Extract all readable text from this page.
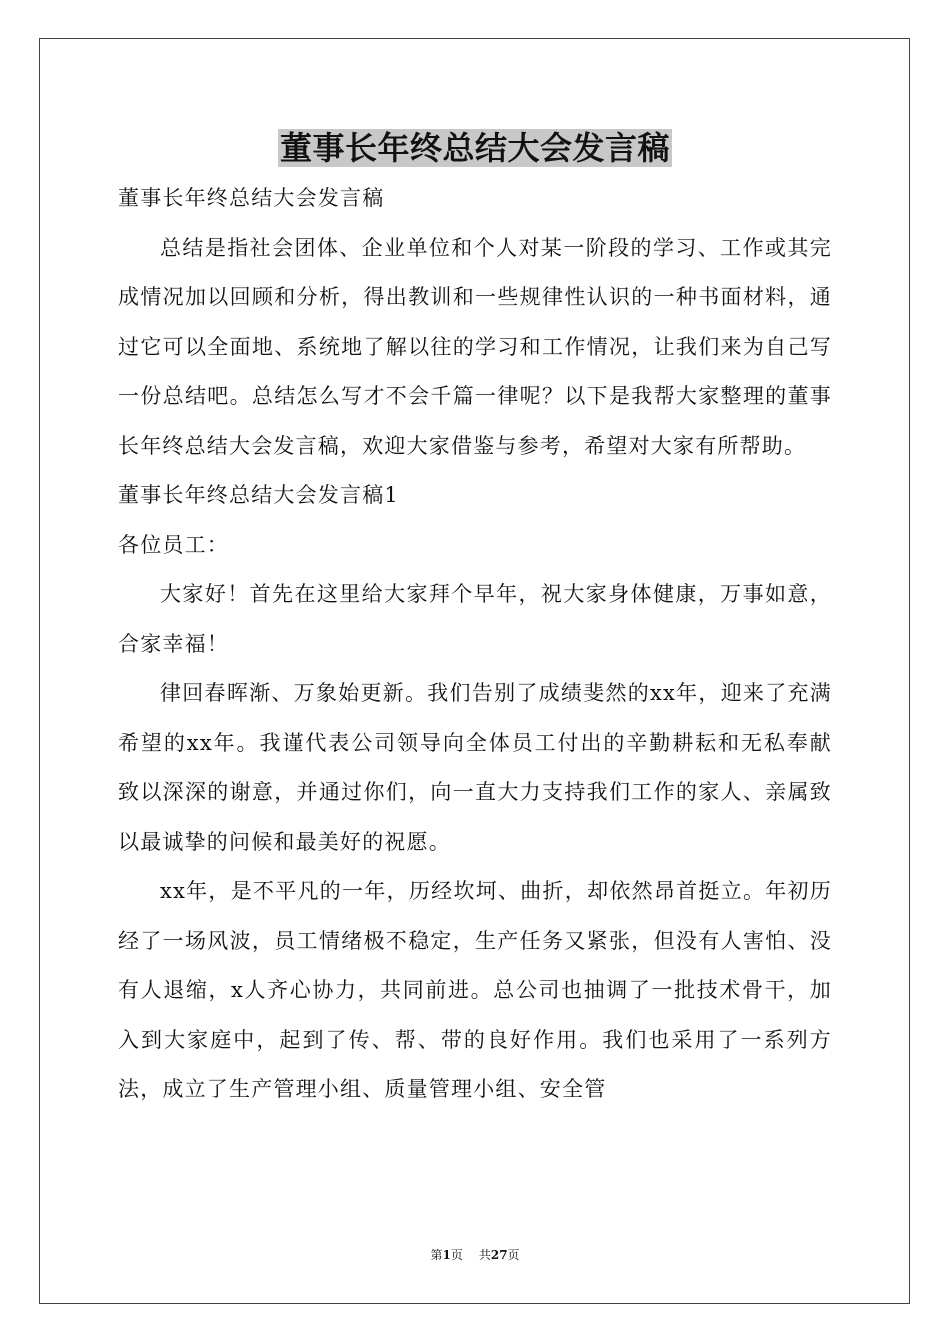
董事长年终总结大会发言稿

董事长年终总结大会发言稿

总结是指社会团体、企业单位和个人对某一阶段的学习、工作或其完成情况加以回顾和分析，得出教训和一些规律性认识的一种书面材料，通过它可以全面地、系统地了解以往的学习和工作情况，让我们来为自己写一份总结吧。总结怎么写才不会千篇一律呢？以下是我帮大家整理的董事长年终总结大会发言稿，欢迎大家借鉴与参考，希望对大家有所帮助。

董事长年终总结大会发言稿1

各位员工：

大家好！首先在这里给大家拜个早年，祝大家身体健康，万事如意，合家幸福！

律回春晖渐、万象始更新。我们告别了成绩斐然的xx年，迎来了充满希望的xx年。我谨代表公司领导向全体员工付出的辛勤耕耘和无私奉献致以深深的谢意，并通过你们，向一直大力支持我们工作的家人、亲属致以最诚挚的问候和最美好的祝愿。

xx年，是不平凡的一年，历经坎坷、曲折，却依然昂首挺立。年初历经了一场风波，员工情绪极不稳定，生产任务又紧张，但没有人害怕、没有人退缩，x人齐心协力，共同前进。总公司也抽调了一批技术骨干，加入到大家庭中，起到了传、帮、带的良好作用。我们也采用了一系列方法，成立了生产管理小组、质量管理小组、安全管

第1页 共27页
